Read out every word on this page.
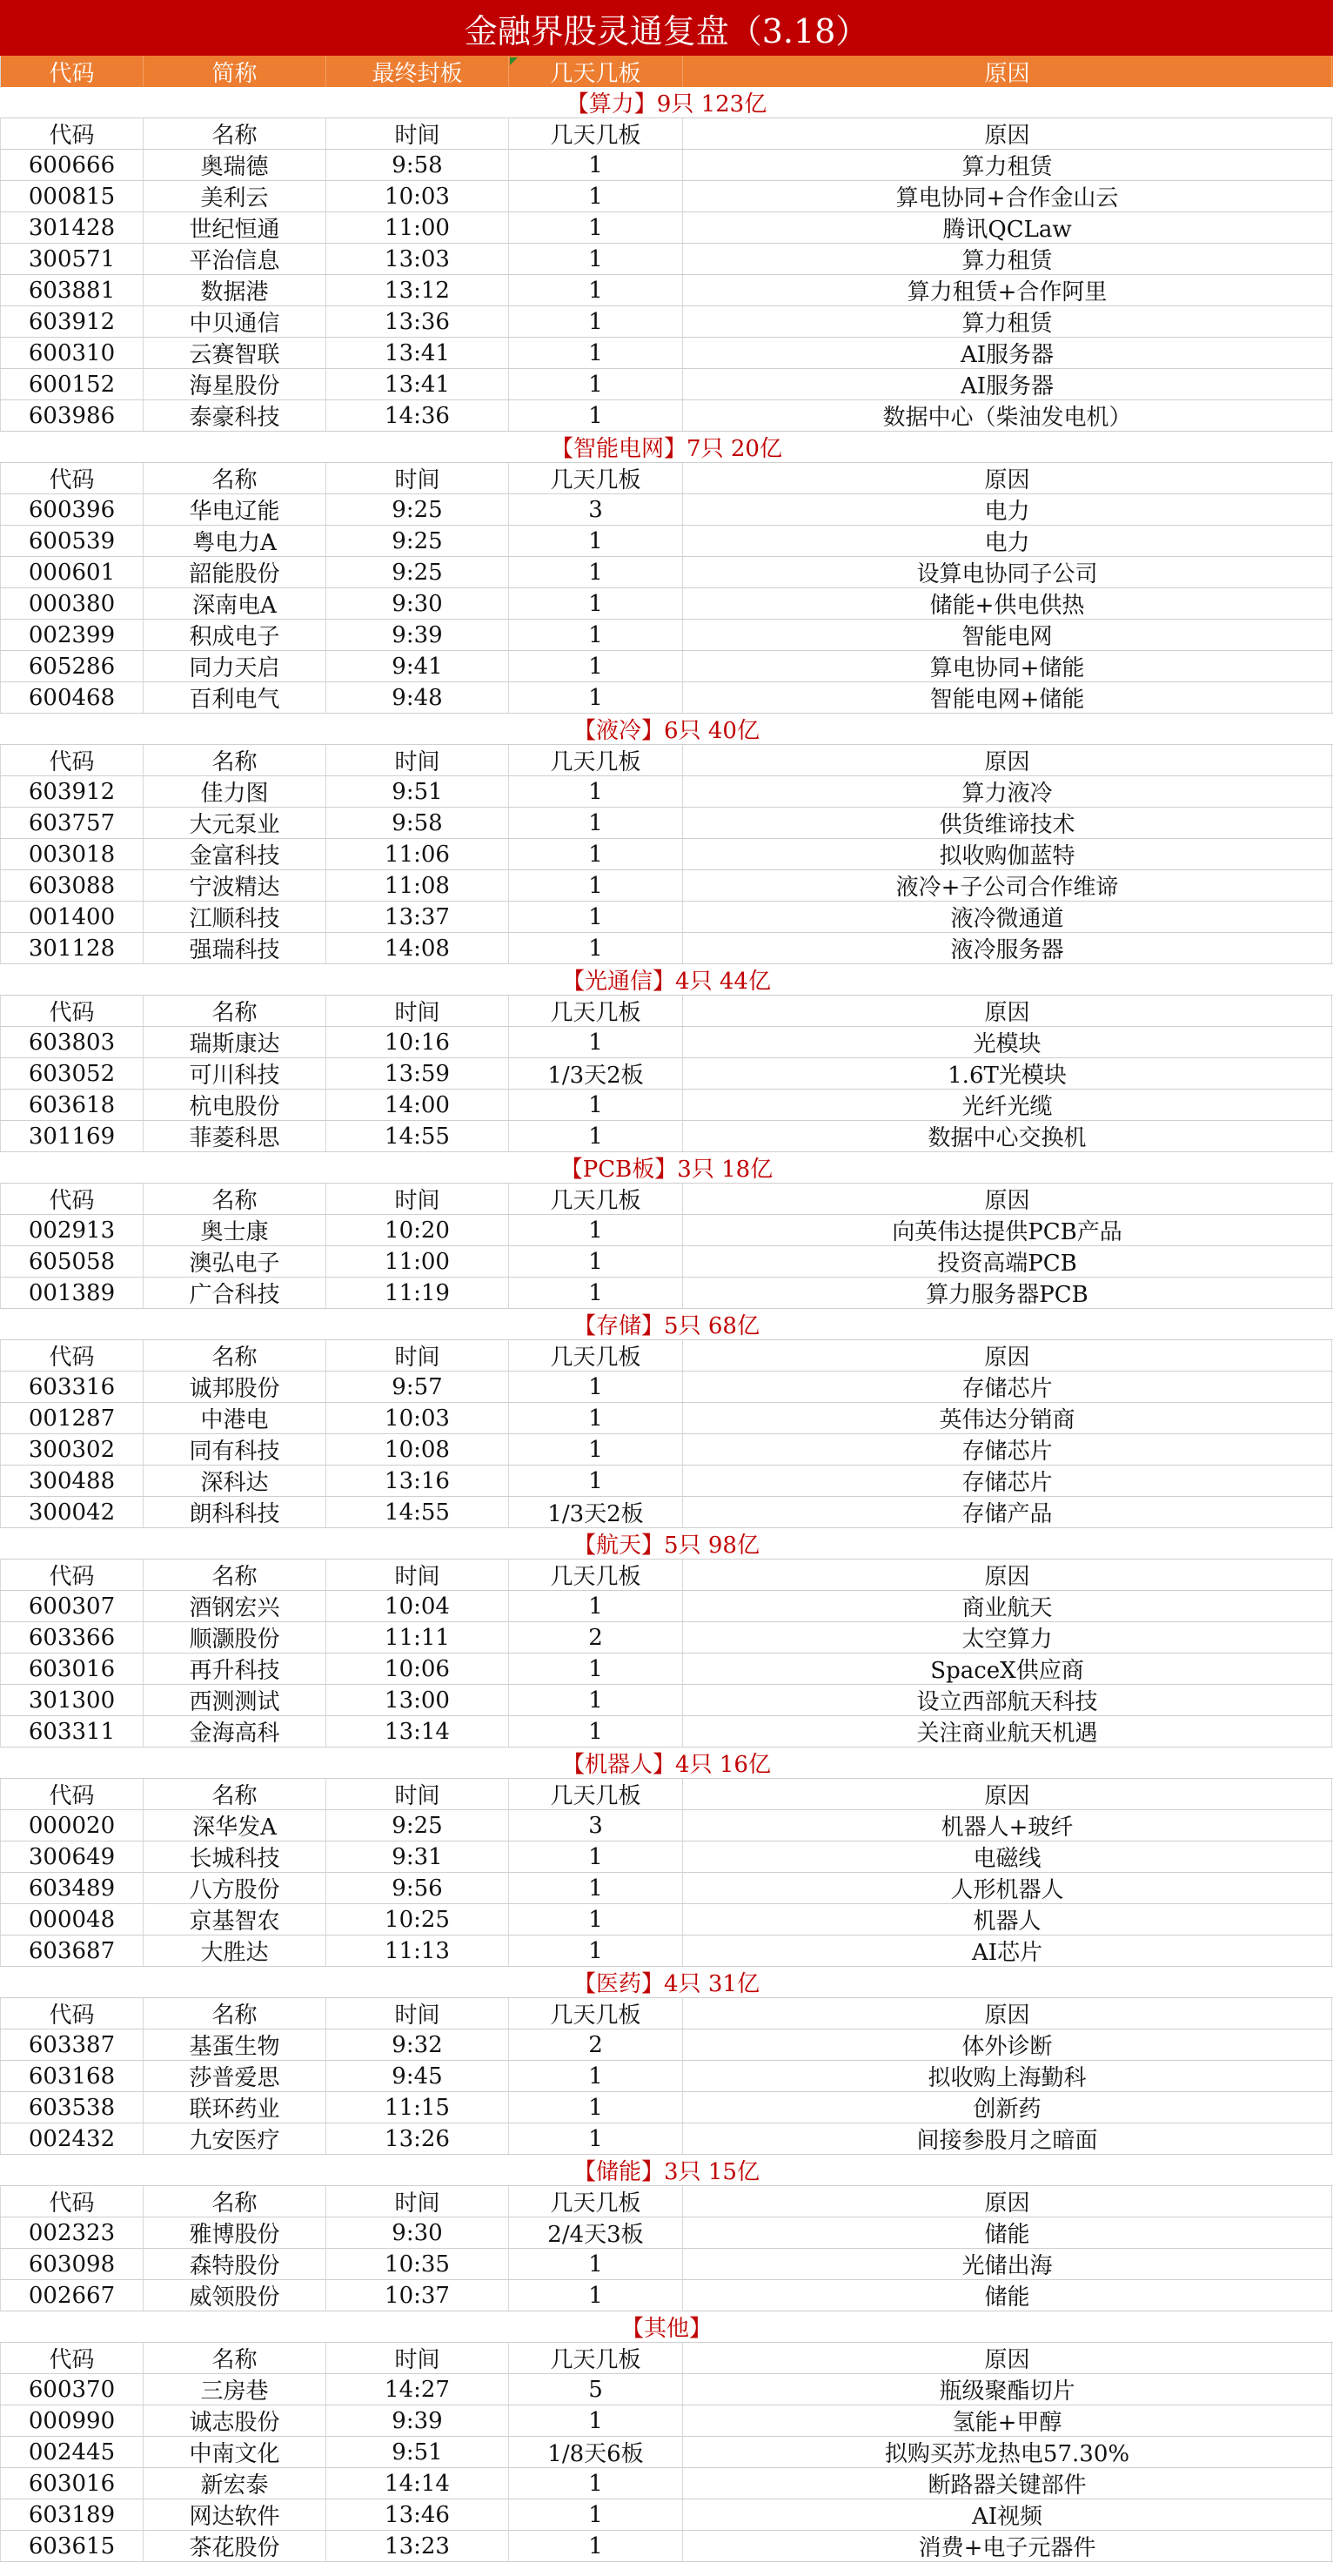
金融界股灵通复盘（3.18）
代码	简称	最终封板	几天几板	原因
【算力】9只 123亿
代码	名称	时间	几天几板	原因
600666	奥瑞德	9:58	1	算力租赁
000815	美利云	10:03	1	算电协同+合作金山云
301428	世纪恒通	11:00	1	腾讯QCLaw
300571	平治信息	13:03	1	算力租赁
603881	数据港	13:12	1	算力租赁+合作阿里
603912	中贝通信	13:36	1	算力租赁
600310	云赛智联	13:41	1	AI服务器
600152	海星股份	13:41	1	AI服务器
603986	泰豪科技	14:36	1	数据中心（柴油发电机）
【智能电网】7只 20亿
代码	名称	时间	几天几板	原因
600396	华电辽能	9:25	3	电力
600539	粤电力A	9:25	1	电力
000601	韶能股份	9:25	1	设算电协同子公司
000380	深南电A	9:30	1	储能+供电供热
002399	积成电子	9:39	1	智能电网
605286	同力天启	9:41	1	算电协同+储能
600468	百利电气	9:48	1	智能电网+储能
【液冷】6只 40亿
代码	名称	时间	几天几板	原因
603912	佳力图	9:51	1	算力液冷
603757	大元泵业	9:58	1	供货维谛技术
003018	金富科技	11:06	1	拟收购伽蓝特
603088	宁波精达	11:08	1	液冷+子公司合作维谛
001400	江顺科技	13:37	1	液冷微通道
301128	强瑞科技	14:08	1	液冷服务器
【光通信】4只 44亿
代码	名称	时间	几天几板	原因
603803	瑞斯康达	10:16	1	光模块
603052	可川科技	13:59	1/3天2板	1.6T光模块
603618	杭电股份	14:00	1	光纤光缆
301169	菲菱科思	14:55	1	数据中心交换机
【PCB板】3只 18亿
代码	名称	时间	几天几板	原因
002913	奥士康	10:20	1	向英伟达提供PCB产品
605058	澳弘电子	11:00	1	投资高端PCB
001389	广合科技	11:19	1	算力服务器PCB
【存储】5只 68亿
代码	名称	时间	几天几板	原因
603316	诚邦股份	9:57	1	存储芯片
001287	中港电	10:03	1	英伟达分销商
300302	同有科技	10:08	1	存储芯片
300488	深科达	13:16	1	存储芯片
300042	朗科科技	14:55	1/3天2板	存储产品
【航天】5只 98亿
代码	名称	时间	几天几板	原因
600307	酒钢宏兴	10:04	1	商业航天
603366	顺灏股份	11:11	2	太空算力
603016	再升科技	10:06	1	SpaceX供应商
301300	西测测试	13:00	1	设立西部航天科技
603311	金海高科	13:14	1	关注商业航天机遇
【机器人】4只 16亿
代码	名称	时间	几天几板	原因
000020	深华发A	9:25	3	机器人+玻纤
300649	长城科技	9:31	1	电磁线
603489	八方股份	9:56	1	人形机器人
000048	京基智农	10:25	1	机器人
603687	大胜达	11:13	1	AI芯片
【医药】4只 31亿
代码	名称	时间	几天几板	原因
603387	基蛋生物	9:32	2	体外诊断
603168	莎普爱思	9:45	1	拟收购上海勤科
603538	联环药业	11:15	1	创新药
002432	九安医疗	13:26	1	间接参股月之暗面
【储能】3只 15亿
代码	名称	时间	几天几板	原因
002323	雅博股份	9:30	2/4天3板	储能
603098	森特股份	10:35	1	光储出海
002667	威领股份	10:37	1	储能
【其他】
代码	名称	时间	几天几板	原因
600370	三房巷	14:27	5	瓶级聚酯切片
000990	诚志股份	9:39	1	氢能+甲醇
002445	中南文化	9:51	1/8天6板	拟购买苏龙热电57.30%
603016	新宏泰	14:14	1	断路器关键部件
603189	网达软件	13:46	1	AI视频
603615	茶花股份	13:23	1	消费+电子元器件
